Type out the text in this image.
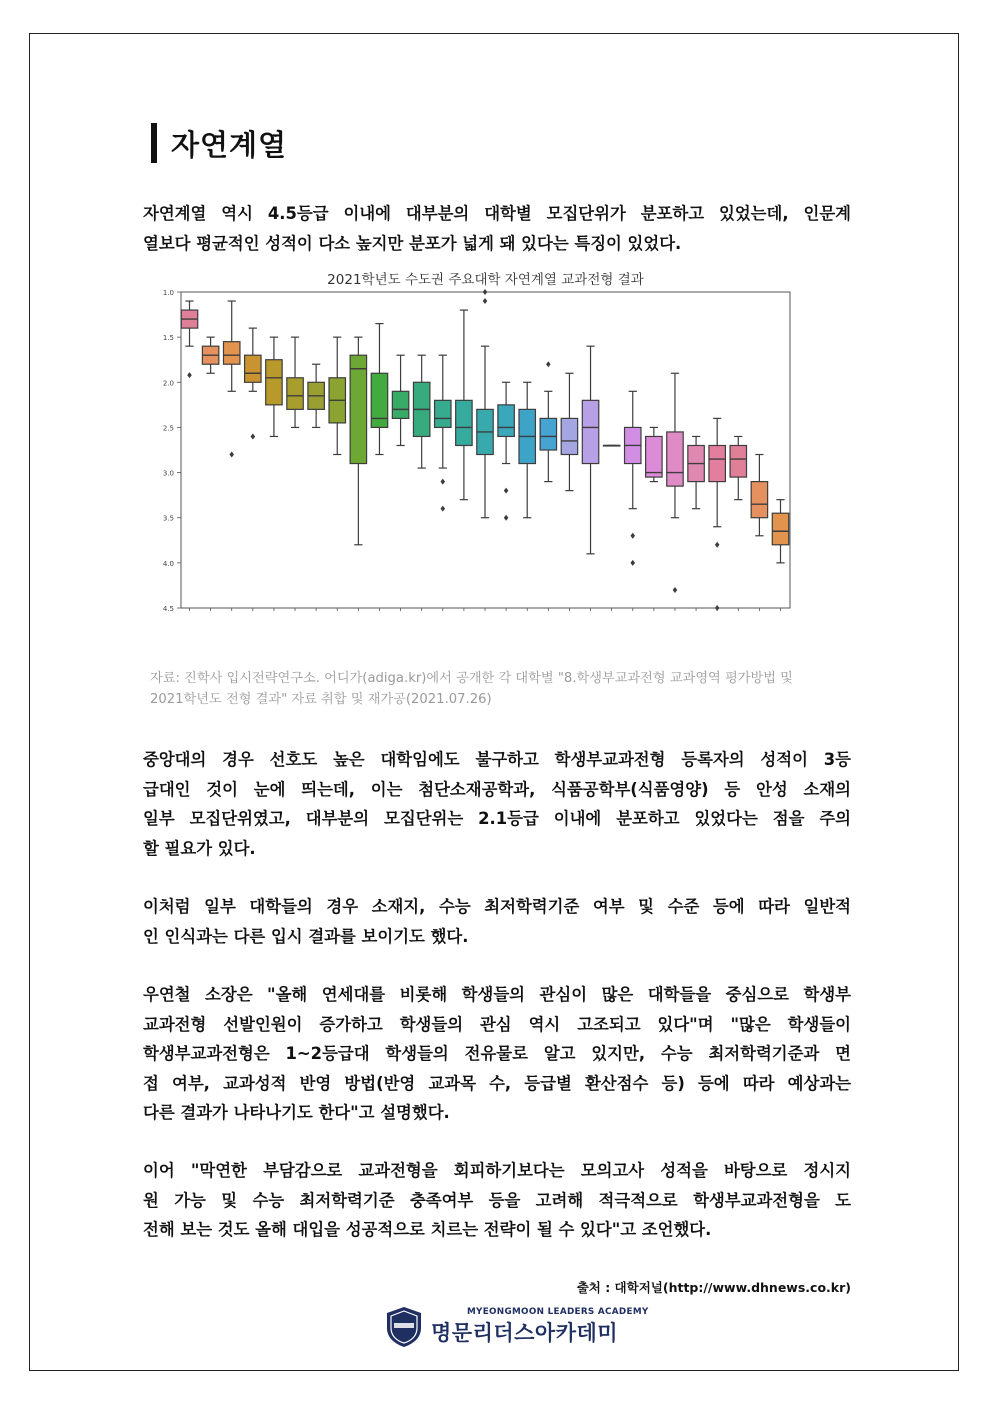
자연계열
자연계열 역시 4.5등급 이내에 대부분의 대학별 모집단위가 분포하고 있었는데, 인문계
열보다 평균적인 성적이 다소 높지만 분포가 넓게 돼 있다는 특징이 있었다.
2021학년도 수도권 주요대학 자연계열 교과전형 결과
1.0
1.5
2.0
2.5
3.0
3.5
4.0
4.5
자료: 진학사 입시전략연구소. 어디가(adiga.kr)에서 공개한 각 대학별 "8.학생부교과전형 교과영역 평가방법 및
2021학년도 전형 결과" 자료 취합 및 재가공(2021.07.26)
중앙대의 경우 선호도 높은 대학임에도 불구하고 학생부교과전형 등록자의 성적이 3등
급대인 것이 눈에 띄는데, 이는 첨단소재공학과, 식품공학부(식품영양) 등 안성 소재의
일부 모집단위였고, 대부분의 모집단위는 2.1등급 이내에 분포하고 있었다는 점을 주의
할 필요가 있다.
이처럼 일부 대학들의 경우 소재지, 수능 최저학력기준 여부 및 수준 등에 따라 일반적
인 인식과는 다른 입시 결과를 보이기도 했다.
우연철 소장은 "올해 연세대를 비롯해 학생들의 관심이 많은 대학들을 중심으로 학생부
교과전형 선발인원이 증가하고 학생들의 관심 역시 고조되고 있다"며 "많은 학생들이
학생부교과전형은 1~2등급대 학생들의 전유물로 알고 있지만, 수능 최저학력기준과 면
접 여부, 교과성적 반영 방법(반영 교과목 수, 등급별 환산점수 등) 등에 따라 예상과는
다른 결과가 나타나기도 한다"고 설명했다.
이어 "막연한 부담감으로 교과전형을 회피하기보다는 모의고사 성적을 바탕으로 정시지
원 가능 및 수능 최저학력기준 충족여부 등을 고려해 적극적으로 학생부교과전형을 도
전해 보는 것도 올해 대입을 성공적으로 치르는 전략이 될 수 있다"고 조언했다.
출처 : 대학저널(http://www.dhnews.co.kr)
MYEONGMOON LEADERS ACADEMY
명문리더스아카데미
